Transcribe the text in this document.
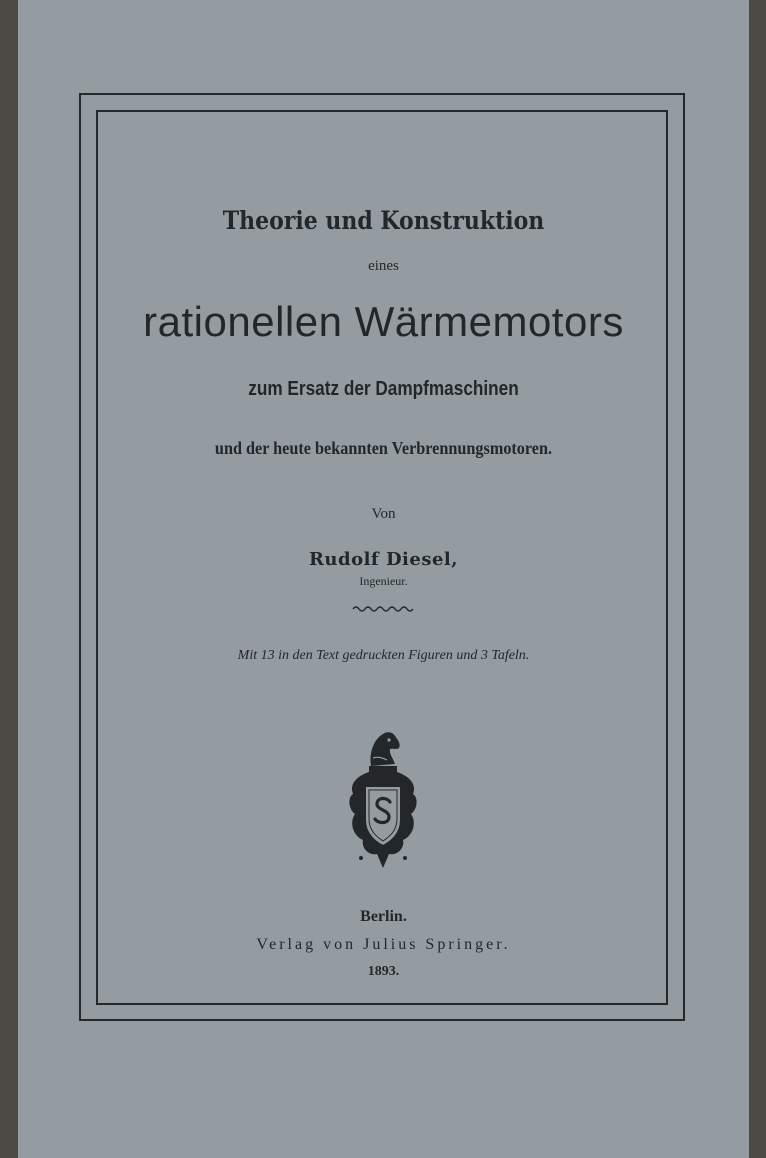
Theorie und Konstruktion
eines
rationellen Wärmemotors
zum Ersatz der Dampfmaschinen
und der heute bekannten Verbrennungsmotoren.
Von
Rudolf Diesel,
Ingenieur.
Mit 13 in den Text gedruckten Figuren und 3 Tafeln.
Berlin.
Verlag von Julius Springer.
1893.
